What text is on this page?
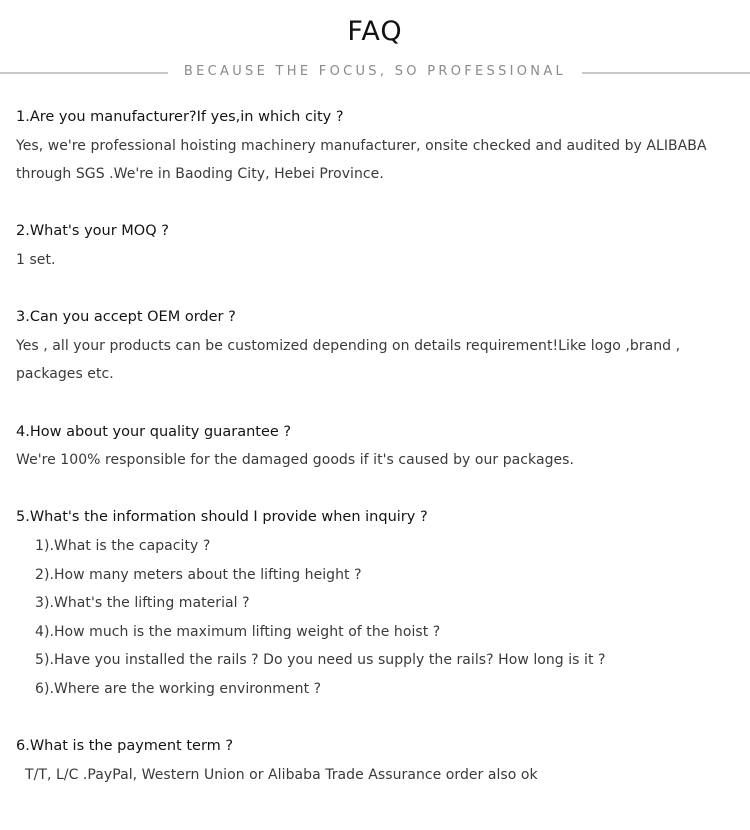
FAQ
BECAUSE THE FOCUS, SO PROFESSIONAL
1.Are you manufacturer?If yes,in which city ?
Yes, we're professional hoisting machinery manufacturer, onsite checked and audited by ALIBABA
through SGS .We're in Baoding City, Hebei Province.
2.What's your MOQ ?
1 set.
3.Can you accept OEM order ?
Yes , all your products can be customized depending on details requirement!Like logo ,brand ,
packages etc.
4.How about your quality guarantee ?
We're 100% responsible for the damaged goods if it's caused by our packages.
5.What's the information should I provide when inquiry ?
1).What is the capacity ?
2).How many meters about the lifting height ?
3).What's the lifting material ?
4).How much is the maximum lifting weight of the hoist ?
5).Have you installed the rails ? Do you need us supply the rails? How long is it ?
6).Where are the working environment ?
6.What is the payment term ?
T/T, L/C .PayPal, Western Union or Alibaba Trade Assurance order also ok
